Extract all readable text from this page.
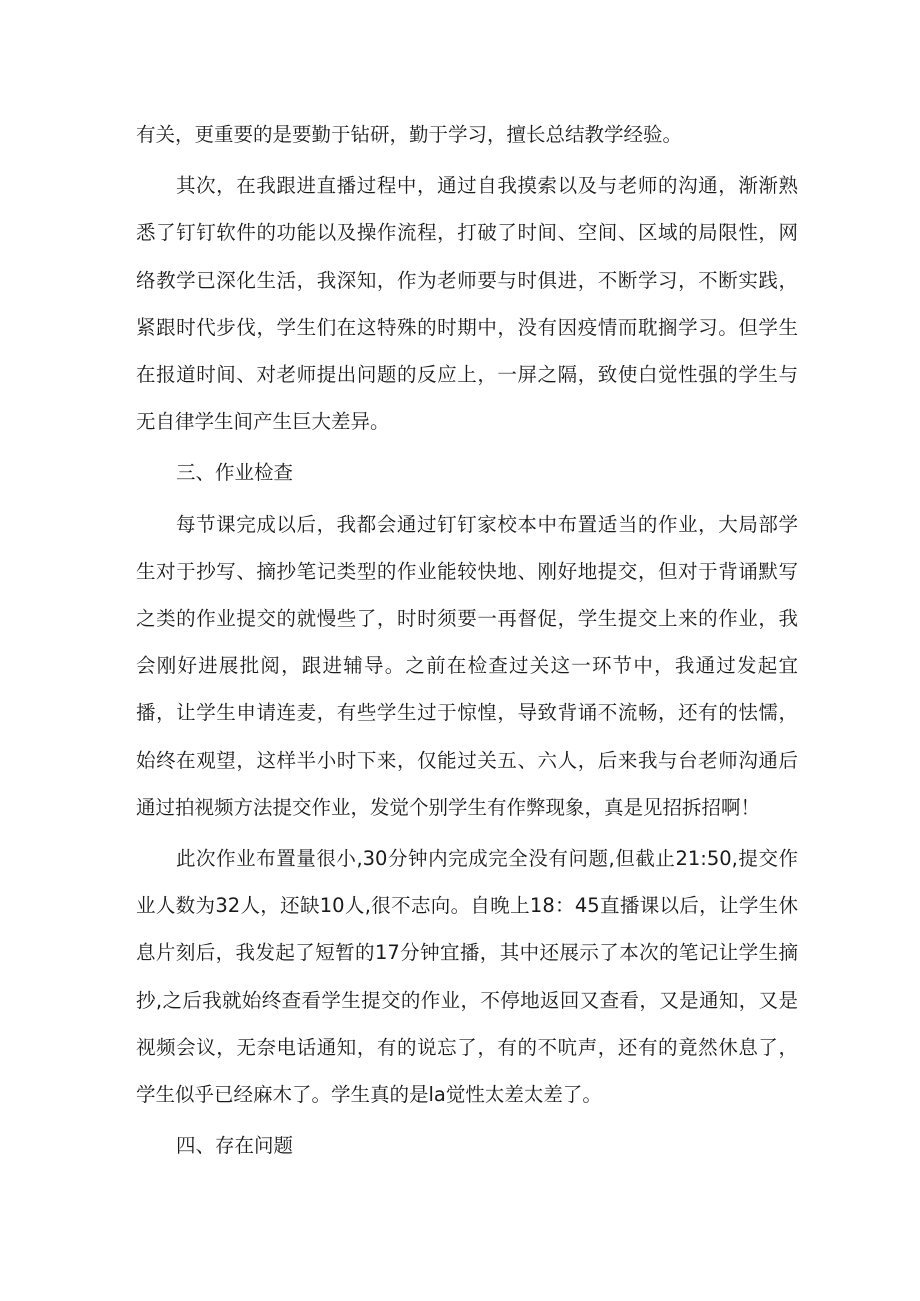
有关，更重要的是要勤于钻研，勤于学习，擅长总结教学经验。

其次，在我跟进直播过程中，通过自我摸索以及与老师的沟通，渐渐熟悉了钉钉软件的功能以及操作流程，打破了时间、空间、区域的局限性，网络教学已深化生活，我深知，作为老师要与时俱进，不断学习，不断实践，紧跟时代步伐，学生们在这特殊的时期中，没有因疫情而耽搁学习。但学生在报道时间、对老师提出问题的反应上，一屏之隔，致使白觉性强的学生与无自律学生间产生巨大差异。

三、作业检查

每节课完成以后，我都会通过钉钉家校本中布置适当的作业，大局部学生对于抄写、摘抄笔记类型的作业能较快地、刚好地提交，但对于背诵默写之类的作业提交的就慢些了，时时须要一再督促，学生提交上来的作业，我会刚好进展批阅，跟进辅导。之前在检查过关这一环节中，我通过发起宜播，让学生申请连麦，有些学生过于惊惶，导致背诵不流畅，还有的怯懦，始终在观望，这样半小时下来，仅能过关五、六人，后来我与台老师沟通后通过拍视频方法提交作业，发觉个别学生有作弊现象，真是见招拆招啊！

此次作业布置量很小,30分钟内完成完全没有问题,但截止21:50,提交作业人数为32人，还缺10人,很不志向。自晚上18：45直播课以后，让学生休息片刻后，我发起了短暂的17分钟宜播，其中还展示了本次的笔记让学生摘抄,之后我就始终查看学生提交的作业，不停地返回又查看，又是通知，又是视频会议，无奈电话通知，有的说忘了，有的不吭声，还有的竟然休息了，学生似乎已经麻木了。学生真的是la觉性太差太差了。

四、存在问题
